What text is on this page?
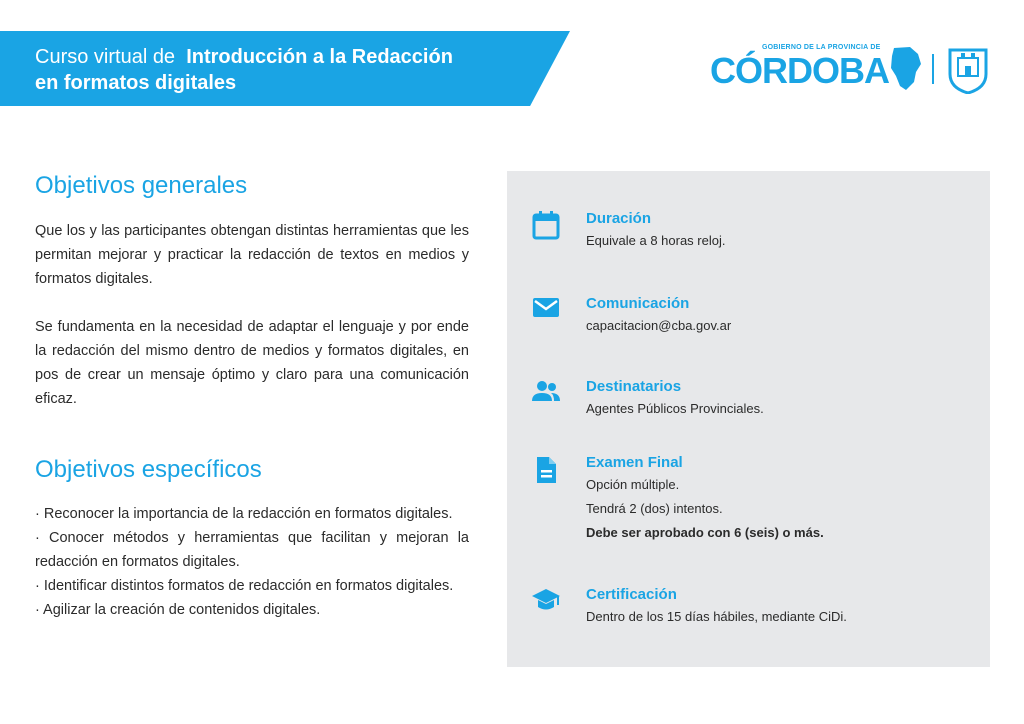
Curso virtual de Introducción a la Redacción
en formatos digitales
GOBIERNO DE LA PROVINCIA DE
CÓRDOBA
Objetivos generales

Que los y las participantes obtengan distintas herramientas que les permitan mejorar y practicar la redacción de textos en medios y formatos digitales.

Se fundamenta en la necesidad de adaptar el lenguaje y por ende la redacción del mismo dentro de medios y formatos digitales, en pos de crear un mensaje óptimo y claro para una comunicación eficaz.

Objetivos específicos
· Reconocer la importancia de la redacción en formatos digitales.
· Conocer métodos y herramientas que facilitan y mejoran la redacción en formatos digitales.
· Identificar distintos formatos de redacción en formatos digitales.
· Agilizar la creación de contenidos digitales.
Duración
Equivale a 8 horas reloj.
Comunicación
capacitacion@cba.gov.ar
Destinatarios
Agentes Públicos Provinciales.
Examen Final
Opción múltiple.
Tendrá 2 (dos) intentos.
Debe ser aprobado con 6 (seis) o más.
Certificación
Dentro de los 15 días hábiles, mediante CiDi.
